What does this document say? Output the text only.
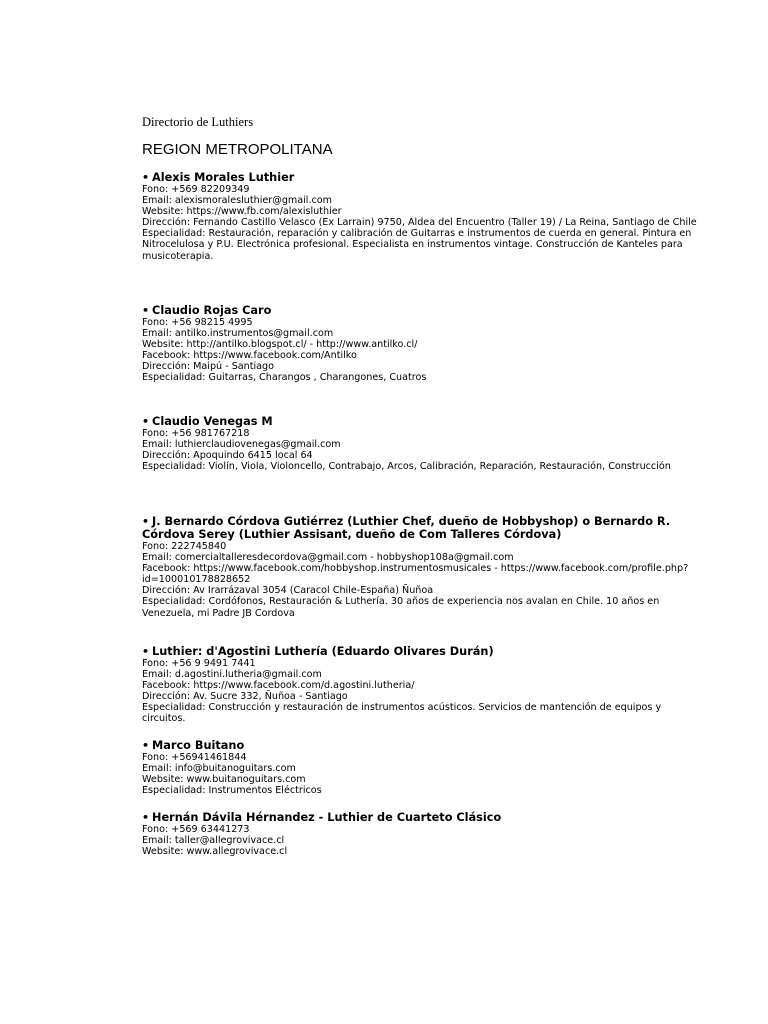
Directorio de Luthiers

REGION METROPOLITANA

• Alexis Morales Luthier

Fono: +569 82209349

Email: alexismoralesluthier@gmail.com

Website: https://www.fb.com/alexisluthier

Dirección: Fernando Castillo Velasco (Ex Larrain) 9750, Aldea del Encuentro (Taller 19) / La Reina, Santiago de Chile

Especialidad: Restauración, reparación y calibración de Guitarras e instrumentos de cuerda en general. Pintura en Nitrocelulosa y P.U. Electrónica profesional. Especialista en instrumentos vintage. Construcción de Kanteles para musicoterapia.

• Claudio Rojas Caro

Fono: +56 98215 4995

Email: antilko.instrumentos@gmail.com

Website: http://antilko.blogspot.cl/ - http://www.antilko.cl/

Facebook: https://www.facebook.com/Antilko

Dirección: Maipú - Santiago

Especialidad: Guitarras, Charangos , Charangones, Cuatros

• Claudio Venegas M

Fono: +56 981767218

Email: luthierclaudiovenegas@gmail.com

Dirección: Apoquindo 6415 local 64

Especialidad: Violín, Viola, Violoncello, Contrabajo, Arcos, Calibración, Reparación, Restauración, Construcción

• J. Bernardo Córdova Gutiérrez (Luthier Chef, dueño de Hobbyshop) o Bernardo R. Córdova Serey (Luthier Assisant, dueño de Com Talleres Córdova)

Fono: 222745840

Email: comercialtalleresdecordova@gmail.com - hobbyshop108a@gmail.com

Facebook: https://www.facebook.com/hobbyshop.instrumentosmusicales - https://www.facebook.com/profile.php?id=100010178828652

Dirección: Av Irarrázaval 3054 (Caracol Chile-España) Ñuñoa

Especialidad: Cordófonos, Restauración & Luthería. 30 años de experiencia nos avalan en Chile. 10 años en Venezuela, mi Padre JB Cordova

• Luthier: d'Agostini Luthería (Eduardo Olivares Durán)

Fono: +56 9 9491 7441

Email: d.agostini.lutheria@gmail.com

Facebook: https://www.facebook.com/d.agostini.lutheria/

Dirección: Av. Sucre 332, Ñuñoa - Santiago

Especialidad: Construcción y restauración de instrumentos acústicos. Servicios de mantención de equipos y circuitos.

• Marco Buitano

Fono: +56941461844

Email: info@buitanoguitars.com

Website: www.buitanoguitars.com

Especialidad: Instrumentos Eléctricos

• Hernán Dávila Hérnandez - Luthier de Cuarteto Clásico

Fono: +569 63441273

Email: taller@allegrovivace.cl

Website: www.allegrovivace.cl
